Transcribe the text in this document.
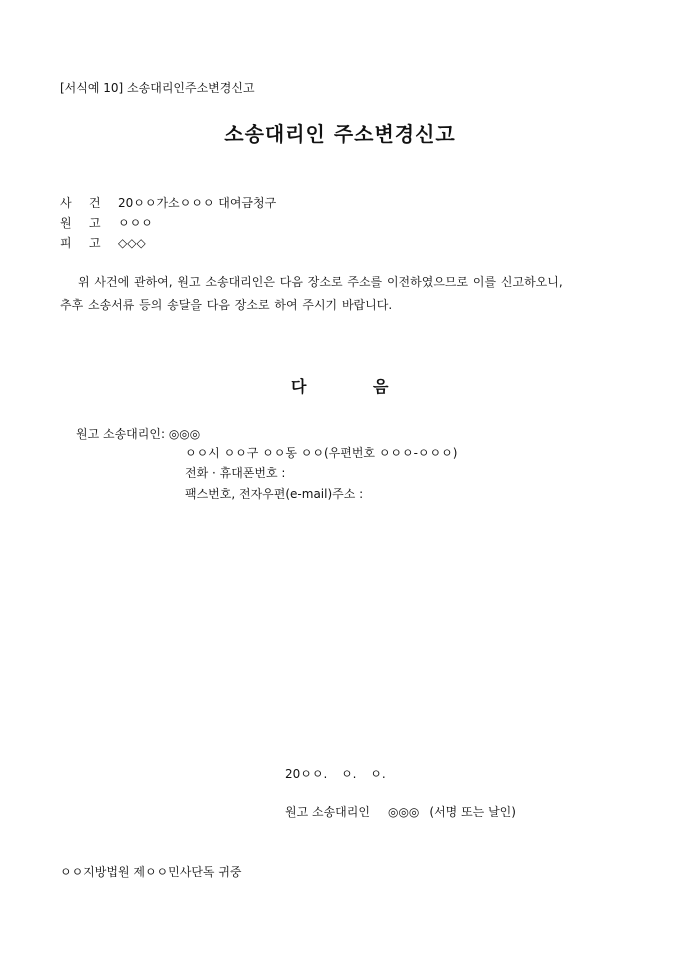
[서식예 10] 소송대리인주소변경신고
소송대리인 주소변경신고
사 건 20ㅇㅇ가소ㅇㅇㅇ 대여금청구
원 고 ㅇㅇㅇ
피 고 ◇◇◇
위 사건에 관하여, 원고 소송대리인은 다음 장소로 주소를 이전하였으므로 이를 신고하오니,
추후 소송서류 등의 송달을 다음 장소로 하여 주시기 바랍니다.
다	음
원고 소송대리인: ◎◎◎
ㅇㅇ시 ㅇㅇ구 ㅇㅇ동 ㅇㅇ(우편번호 ㅇㅇㅇ-ㅇㅇㅇ)
전화 · 휴대폰번호 :
팩스번호, 전자우편(e-mail)주소 :
20ㅇㅇ. ㅇ. ㅇ.
원고 소송대리인 ◎◎◎ (서명 또는 날인)
ㅇㅇ지방법원 제ㅇㅇ민사단독 귀중
